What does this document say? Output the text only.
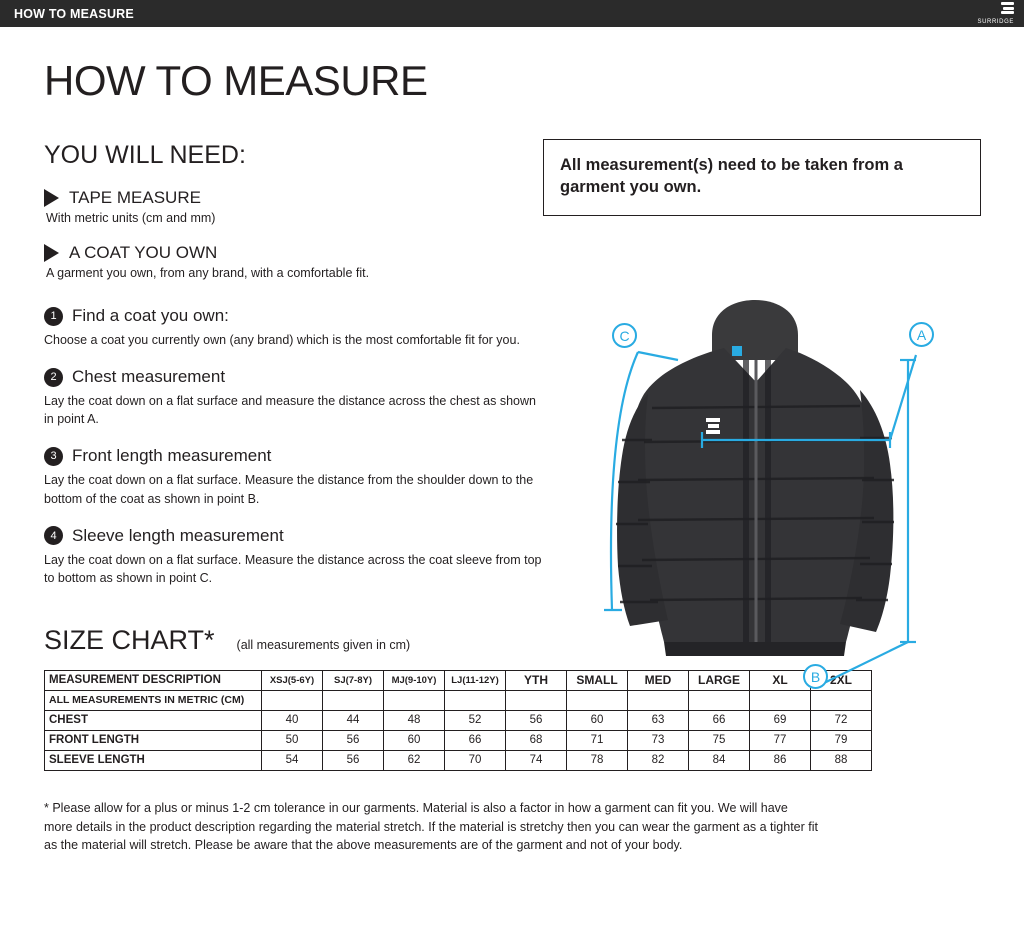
HOW TO MEASURE
SURRIDGE
HOW TO MEASURE
YOU WILL NEED:
TAPE MEASURE
With metric units (cm and mm)
A COAT YOU OWN
A garment you own, from any brand, with a comfortable fit.
1 Find a coat you own:
Choose a coat you currently own (any brand) which is the most comfortable fit for you.
2 Chest measurement
Lay the coat down on a flat surface and measure the distance across the chest as shown in point A.
3 Front length measurement
Lay the coat down on a flat surface. Measure the distance from the shoulder down to the bottom of the coat as shown in point B.
4 Sleeve length measurement
Lay the coat down on a flat surface. Measure the distance across the coat sleeve from top to bottom as shown in point C.
SIZE CHART* (all measurements given in cm)
MEASUREMENT DESCRIPTION	XSJ(5-6Y)	SJ(7-8Y)	MJ(9-10Y)	LJ(11-12Y)	YTH	SMALL	MED	LARGE	XL	2XL
ALL MEASUREMENTS IN METRIC (CM)										
CHEST	40	44	48	52	56	60	63	66	69	72
FRONT LENGTH	50	56	60	66	68	71	73	75	77	79
SLEEVE LENGTH	54	56	62	70	74	78	82	84	86	88
* Please allow for a plus or minus 1-2 cm tolerance in our garments. Material is also a factor in how a garment can fit you. We will have more details in the product description regarding the material stretch. If the material is stretchy then you can wear the garment as a tighter fit as the material will stretch. Please be aware that the above measurements are of the garment and not of your body.
All measurement(s) need to be taken from a garment you own.
A
B
C
